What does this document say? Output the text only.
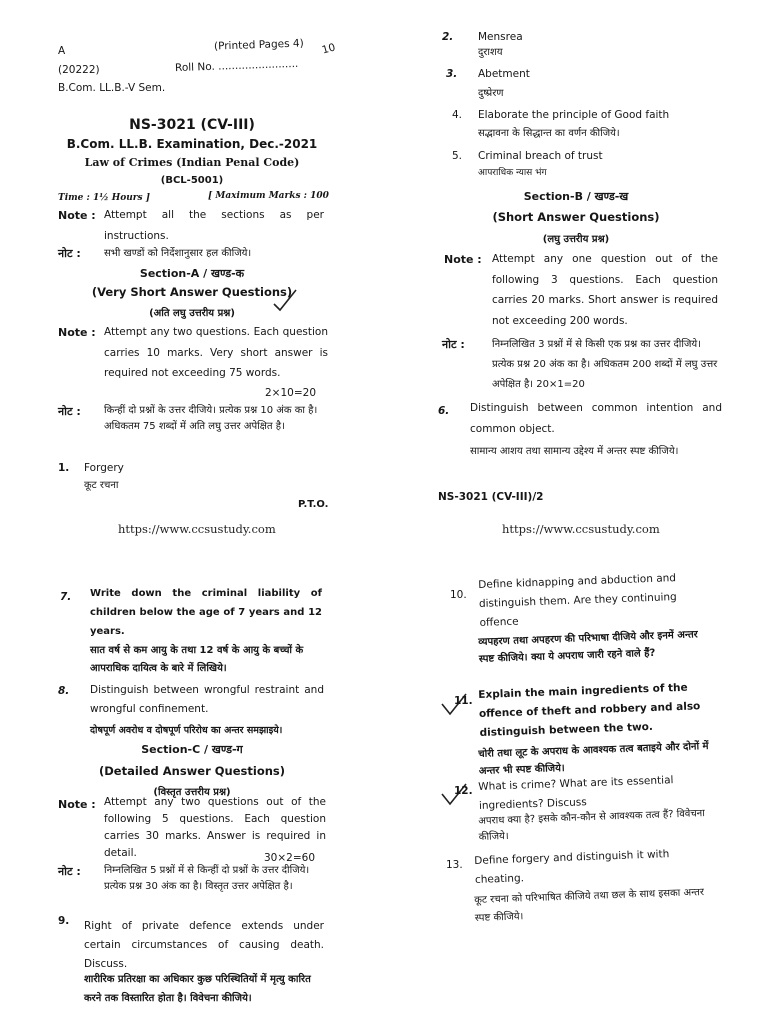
A	(Printed Pages 4) 10
(20222)	Roll No. ........................
B.Com. LL.B.-V Sem.
NS-3021 (CV-III)
B.Com. LL.B. Examination, Dec.-2021
Law of Crimes (Indian Penal Code)
(BCL-5001)
Time : 1½ Hours ]	[ Maximum Marks : 100
Note : Attempt all the sections as per instructions.
नोट : सभी खण्डों को निर्देशानुसार हल कीजिये।
Section-A / खण्ड-क
(Very Short Answer Questions)
(अति लघु उत्तरीय प्रश्न)
Note : Attempt any two questions. Each question carries 10 marks. Very short answer is required not exceeding 75 words.
2×10=20
नोट : किन्हीं दो प्रश्नों के उत्तर दीजिये। प्रत्येक प्रश्न 10 अंक का है। अधिकतम 75 शब्दों में अति लघु उत्तर अपेक्षित है।
1. Forgery
कूट रचना
P.T.O.
https://www.ccsustudy.com
2. Mensrea
दुराशय
3. Abetment
दुष्प्रेरण
4. Elaborate the principle of Good faith
सद्भावना के सिद्धान्त का वर्णन कीजिये।
5. Criminal breach of trust
आपराधिक न्यास भंग
Section-B / खण्ड-ख
(Short Answer Questions)
(लघु उत्तरीय प्रश्न)
Note : Attempt any one question out of the following 3 questions. Each question carries 20 marks. Short answer is required not exceeding 200 words.
नोट :	निम्नलिखित 3 प्रश्नों में से किसी एक प्रश्न का उत्तर दीजिये। प्रत्येक प्रश्न 20 अंक का है। अधिकतम 200 शब्दों में लघु उत्तर अपेक्षित है। 20×1=20
6. Distinguish between common intention and common object.
सामान्य आशय तथा सामान्य उद्देश्य में अन्तर स्पष्ट कीजिये।
NS-3021 (CV-III)/2
https://www.ccsustudy.com
7. Write down the criminal liability of children below the age of 7 years and 12 years.
सात वर्ष से कम आयु के तथा 12 वर्ष के आयु के बच्चों के आपराधिक दायित्व के बारे में लिखिये।
8. Distinguish between wrongful restraint and wrongful confinement.
दोषपूर्ण अवरोध व दोषपूर्ण परिरोध का अन्तर समझाइये।
Section-C / खण्ड-ग
(Detailed Answer Questions)
(विस्तृत उत्तरीय प्रश्न)
Note : Attempt any two questions out of the following 5 questions. Each question carries 30 marks. Answer is required in detail.	30×2=60
नोट : निम्नलिखित 5 प्रश्नों में से किन्हीं दो प्रश्नों के उत्तर दीजिये। प्रत्येक प्रश्न 30 अंक का है। विस्तृत उत्तर अपेक्षित है।
9. Right of private defence extends under certain circumstances of causing death. Discuss.
शारीरिक प्रतिरक्षा का अधिकार कुछ परिस्थितियों में मृत्यु कारित करने तक विस्तारित होता है। विवेचना कीजिये।
10.
Define kidnapping and abduction and distinguish them. Are they continuing offence
व्यपहरण तथा अपहरण की परिभाषा दीजिये और इनमें अन्तर स्पष्ट कीजिये। क्या ये अपराध जारी रहने वाले हैं?
11.
Explain the main ingredients of the offence of theft and robbery and also distinguish between the two.
चोरी तथा लूट के अपराध के आवश्यक तत्व बताइये और दोनों में अन्तर भी स्पष्ट कीजिये।
12. What is crime? What are its essential ingredients? Discuss
अपराध क्या है? इसके कौन-कौन से आवश्यक तत्व हैं? विवेचना कीजिये।
13. Define forgery and distinguish it with cheating.
कूट रचना को परिभाषित कीजिये तथा छल के साथ इसका अन्तर स्पष्ट कीजिये।
